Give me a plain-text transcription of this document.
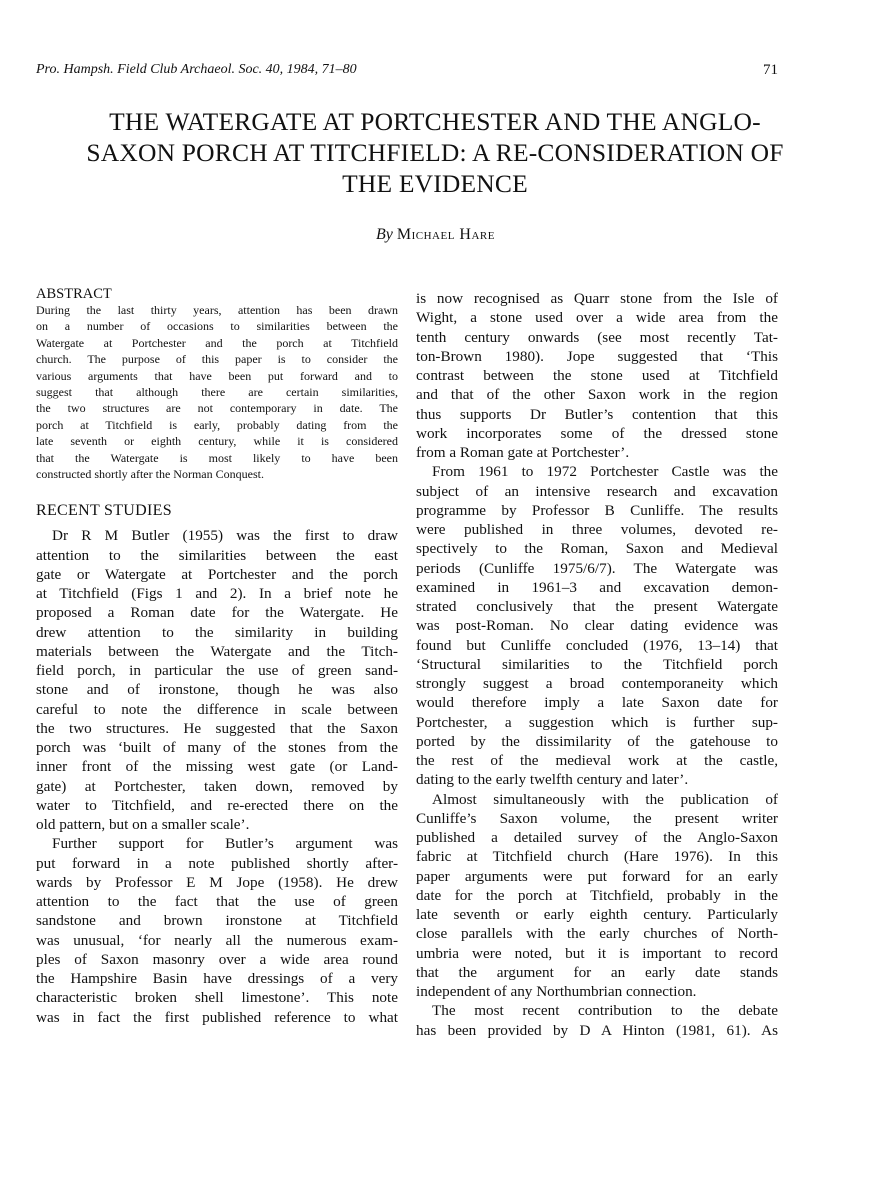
Pro. Hampsh. Field Club Archaeol. Soc. 40, 1984, 71–80	71
THE WATERGATE AT PORTCHESTER AND THE ANGLO-
SAXON PORCH AT TITCHFIELD: A RE-CONSIDERATION OF
THE EVIDENCE
By Michael Hare
ABSTRACT
During the last thirty years, attention has been drawn
on a number of occasions to similarities between the
Watergate at Portchester and the porch at Titchfield
church. The purpose of this paper is to consider the
various arguments that have been put forward and to
suggest that although there are certain similarities,
the two structures are not contemporary in date. The
porch at Titchfield is early, probably dating from the
late seventh or eighth century, while it is considered
that the Watergate is most likely to have been
constructed shortly after the Norman Conquest.
RECENT STUDIES
Dr R M Butler (1955) was the first to draw
attention to the similarities between the east
gate or Watergate at Portchester and the porch
at Titchfield (Figs 1 and 2). In a brief note he
proposed a Roman date for the Watergate. He
drew attention to the similarity in building
materials between the Watergate and the Titch-
field porch, in particular the use of green sand-
stone and of ironstone, though he was also
careful to note the difference in scale between
the two structures. He suggested that the Saxon
porch was ‘built of many of the stones from the
inner front of the missing west gate (or Land-
gate) at Portchester, taken down, removed by
water to Titchfield, and re-erected there on the
old pattern, but on a smaller scale’.
Further support for Butler’s argument was
put forward in a note published shortly after-
wards by Professor E M Jope (1958). He drew
attention to the fact that the use of green
sandstone and brown ironstone at Titchfield
was unusual, ‘for nearly all the numerous exam-
ples of Saxon masonry over a wide area round
the Hampshire Basin have dressings of a very
characteristic broken shell limestone’. This note
was in fact the first published reference to what
is now recognised as Quarr stone from the Isle of
Wight, a stone used over a wide area from the
tenth century onwards (see most recently Tat-
ton-Brown 1980). Jope suggested that ‘This
contrast between the stone used at Titchfield
and that of the other Saxon work in the region
thus supports Dr Butler’s contention that this
work incorporates some of the dressed stone
from a Roman gate at Portchester’.
From 1961 to 1972 Portchester Castle was the
subject of an intensive research and excavation
programme by Professor B Cunliffe. The results
were published in three volumes, devoted re-
spectively to the Roman, Saxon and Medieval
periods (Cunliffe 1975/6/7). The Watergate was
examined in 1961–3 and excavation demon-
strated conclusively that the present Watergate
was post-Roman. No clear dating evidence was
found but Cunliffe concluded (1976, 13–14) that
‘Structural similarities to the Titchfield porch
strongly suggest a broad contemporaneity which
would therefore imply a late Saxon date for
Portchester, a suggestion which is further sup-
ported by the dissimilarity of the gatehouse to
the rest of the medieval work at the castle,
dating to the early twelfth century and later’.
Almost simultaneously with the publication of
Cunliffe’s Saxon volume, the present writer
published a detailed survey of the Anglo-Saxon
fabric at Titchfield church (Hare 1976). In this
paper arguments were put forward for an early
date for the porch at Titchfield, probably in the
late seventh or early eighth century. Particularly
close parallels with the early churches of North-
umbria were noted, but it is important to record
that the argument for an early date stands
independent of any Northumbrian connection.
The most recent contribution to the debate
has been provided by D A Hinton (1981, 61). As
